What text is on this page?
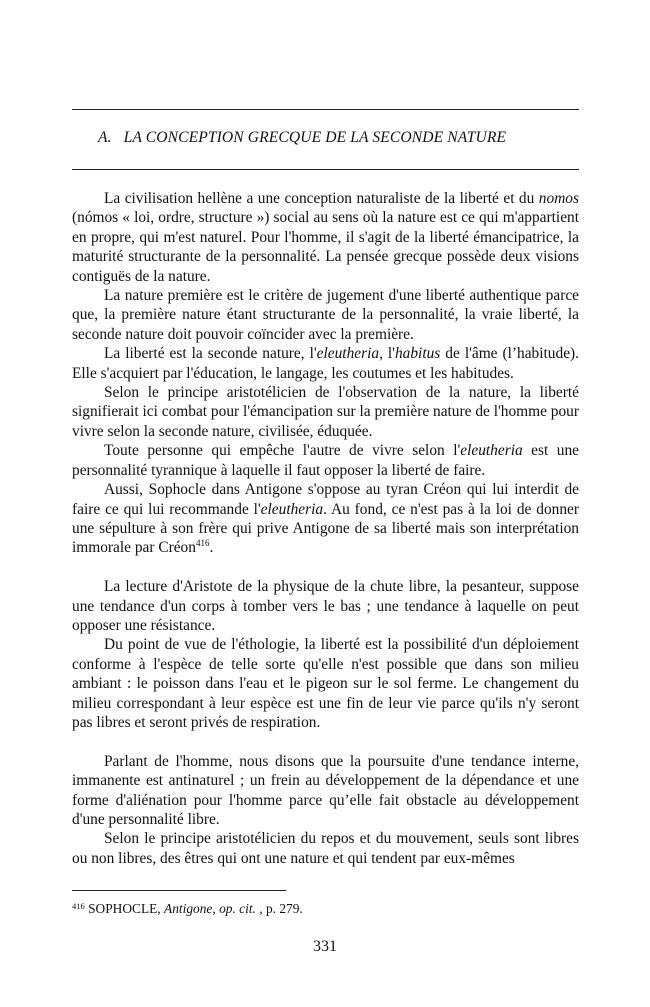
A. LA CONCEPTION GRECQUE DE LA SECONDE NATURE

La civilisation hellène a une conception naturaliste de la liberté et du nomos (nómos « loi, ordre, structure ») social au sens où la nature est ce qui m'appartient en propre, qui m'est naturel. Pour l'homme, il s'agit de la liberté émancipatrice, la maturité structurante de la personnalité. La pensée grecque possède deux visions contiguës de la nature.

La nature première est le critère de jugement d'une liberté authentique parce que, la première nature étant structurante de la personnalité, la vraie liberté, la seconde nature doit pouvoir coïncider avec la première.

La liberté est la seconde nature, l'eleutheria, l'habitus de l'âme (l’habitude). Elle s'acquiert par l'éducation, le langage, les coutumes et les habitudes.

Selon le principe aristotélicien de l'observation de la nature, la liberté signifierait ici combat pour l'émancipation sur la première nature de l'homme pour vivre selon la seconde nature, civilisée, éduquée.

Toute personne qui empêche l'autre de vivre selon l'eleutheria est une personnalité tyrannique à laquelle il faut opposer la liberté de faire.

Aussi, Sophocle dans Antigone s'oppose au tyran Créon qui lui interdit de faire ce qui lui recommande l'eleutheria. Au fond, ce n'est pas à la loi de donner une sépulture à son frère qui prive Antigone de sa liberté mais son interprétation immorale par Créon$^{416}$.

La lecture d'Aristote de la physique de la chute libre, la pesanteur, suppose une tendance d'un corps à tomber vers le bas ; une tendance à laquelle on peut opposer une résistance.

Du point de vue de l'éthologie, la liberté est la possibilité d'un déploiement conforme à l'espèce de telle sorte qu'elle n'est possible que dans son milieu ambiant : le poisson dans l'eau et le pigeon sur le sol ferme. Le changement du milieu correspondant à leur espèce est une fin de leur vie parce qu'ils n'y seront pas libres et seront privés de respiration.

Parlant de l'homme, nous disons que la poursuite d'une tendance interne, immanente est antinaturel ; un frein au développement de la dépendance et une forme d'aliénation pour l'homme parce qu’elle fait obstacle au développement d'une personnalité libre.

Selon le principe aristotélicien du repos et du mouvement, seuls sont libres ou non libres, des êtres qui ont une nature et qui tendent par eux-mêmes

$^{416}$ SOPHOCLE, Antigone, op. cit. , p. 279.
331
